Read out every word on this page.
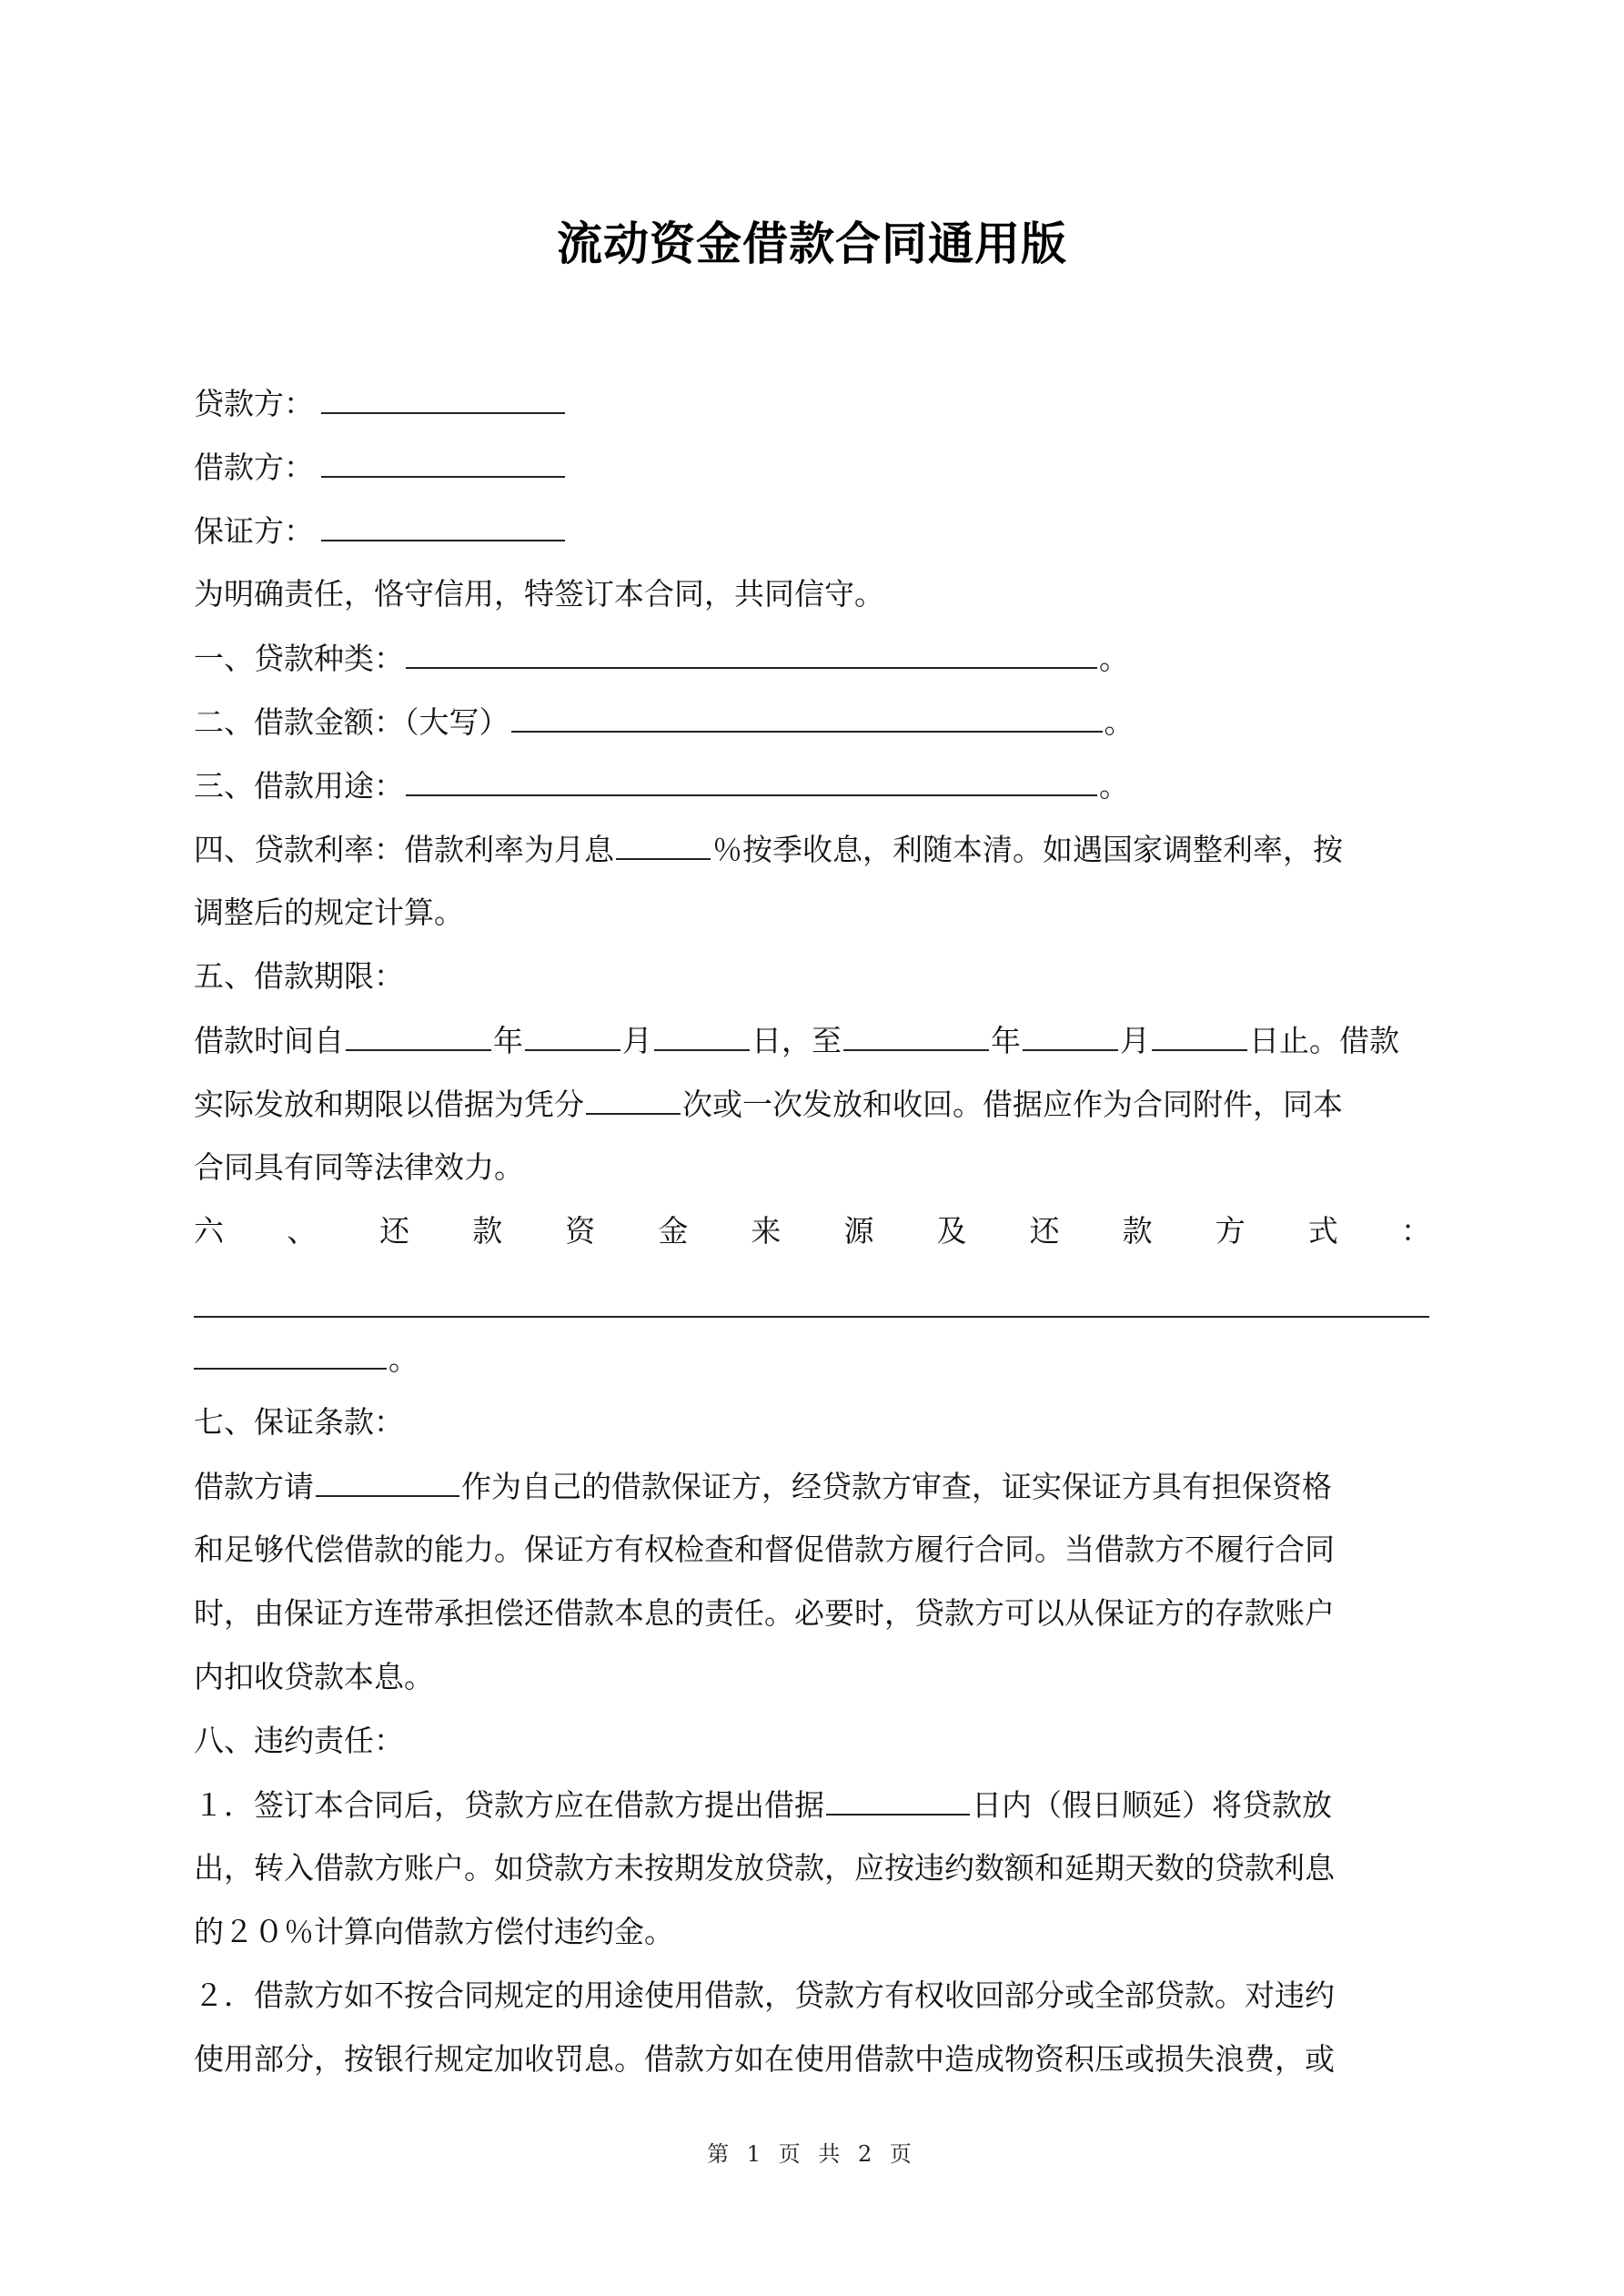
流动资金借款合同通用版
贷款方：
借款方：
保证方：
为明确责任，恪守信用，特签订本合同，共同信守。
一、贷款种类：	。
二、借款金额：（大写）	。
三、借款用途：	。
四、贷款利率：借款利率为月息	％按季收息，利随本清。如遇国家调整利率，按
调整后的规定计算。
五、借款期限：
借款时间自	年	月	日，至	年	月	日止。借款
实际发放和期限以借据为凭分	次或一次发放和收回。借据应作为合同附件，同本
合同具有同等法律效力。
六 、 还 款 资 金 来 源 及 还 款 方 式 ：
。
七、保证条款：
借款方请	作为自己的借款保证方，经贷款方审查，证实保证方具有担保资格
和足够代偿借款的能力。保证方有权检查和督促借款方履行合同。当借款方不履行合同
时，由保证方连带承担偿还借款本息的责任。必要时，贷款方可以从保证方的存款账户
内扣收贷款本息。
八、违约责任：
１．签订本合同后，贷款方应在借款方提出借据	日内（假日顺延）将贷款放
出，转入借款方账户。如贷款方未按期发放贷款，应按违约数额和延期天数的贷款利息
的２０％计算向借款方偿付违约金。
２．借款方如不按合同规定的用途使用借款，贷款方有权收回部分或全部贷款。对违约
使用部分，按银行规定加收罚息。借款方如在使用借款中造成物资积压或损失浪费，或
第 1 页 共 2 页
